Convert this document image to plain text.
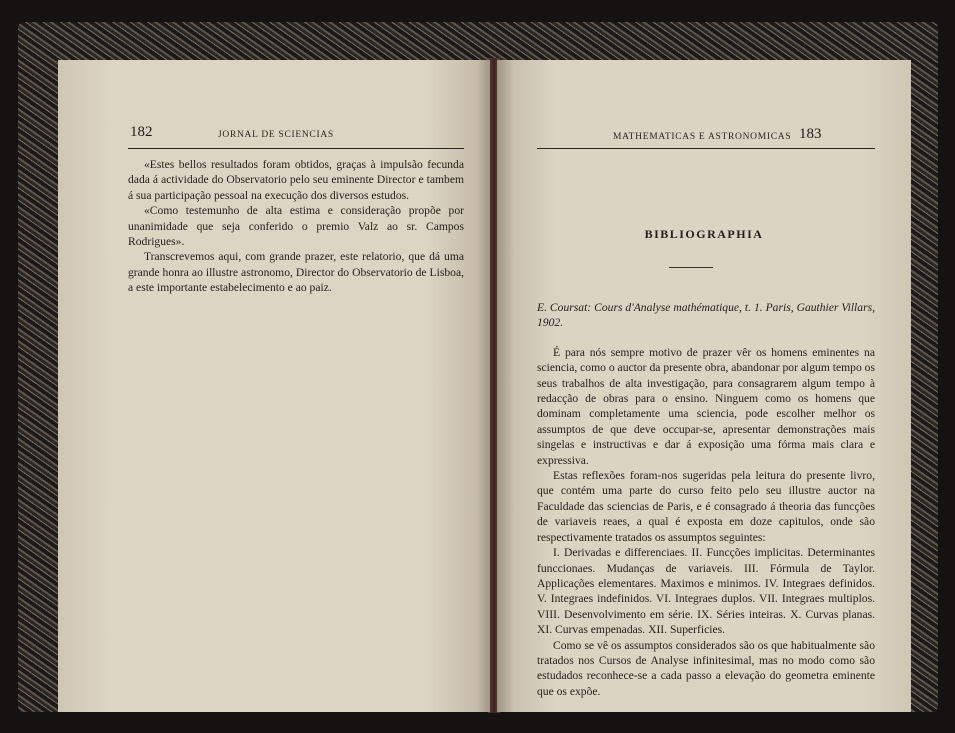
182	JORNAL DE SCIENCIAS

«Estes bellos resultados foram obtidos, graças à impulsão fecunda dada á actividade do Observatorio pelo seu eminente Director e tambem á sua participação pessoal na execução dos diversos estudos.

«Como testemunho de alta estima e consideração propõe por unanimidade que seja conferido o premio Valz ao sr. Campos Rodrigues».

Transcrevemos aqui, com grande prazer, este relatorio, que dá uma grande honra ao illustre astronomo, Director do Observatorio de Lisboa, a este importante estabelecimento e ao paiz.

MATHEMATICAS E ASTRONOMICAS 183
BIBLIOGRAPHIA

E. Coursat: Cours d'Analyse mathématique, t. 1. Paris, Gauthier Villars, 1902.

É para nós sempre motivo de prazer vêr os homens eminentes na sciencia, como o auctor da presente obra, abandonar por algum tempo os seus trabalhos de alta investigação, para consagrarem algum tempo à redacção de obras para o ensino. Ninguem como os homens que dominam completamente uma sciencia, pode escolher melhor os assumptos de que deve occupar-se, apresentar demonstrações mais singelas e instructivas e dar á exposição uma fórma mais clara e expressiva.

Estas reflexões foram-nos sugeridas pela leitura do presente livro, que contém uma parte do curso feito pelo seu illustre auctor na Faculdade das sciencias de Paris, e é consagrado á theoria das funcções de variaveis reaes, a qual é exposta em doze capitulos, onde são respectivamente tratados os assumptos seguintes:

I. Derivadas e differenciaes. II. Funcções implicitas. Determinantes funccionaes. Mudanças de variaveis. III. Fórmula de Taylor. Applicações elementares. Maximos e minimos. IV. Integraes definidos. V. Integraes indefinidos. VI. Integraes duplos. VII. Integraes multiplos. VIII. Desenvolvimento em série. IX. Séries inteiras. X. Curvas planas. XI. Curvas empenadas. XII. Superficies.

Como se vê os assumptos considerados são os que habitualmente são tratados nos Cursos de Analyse infinitesimal, mas no modo como são estudados reconhece-se a cada passo a elevação do geometra eminente que os expõe.
